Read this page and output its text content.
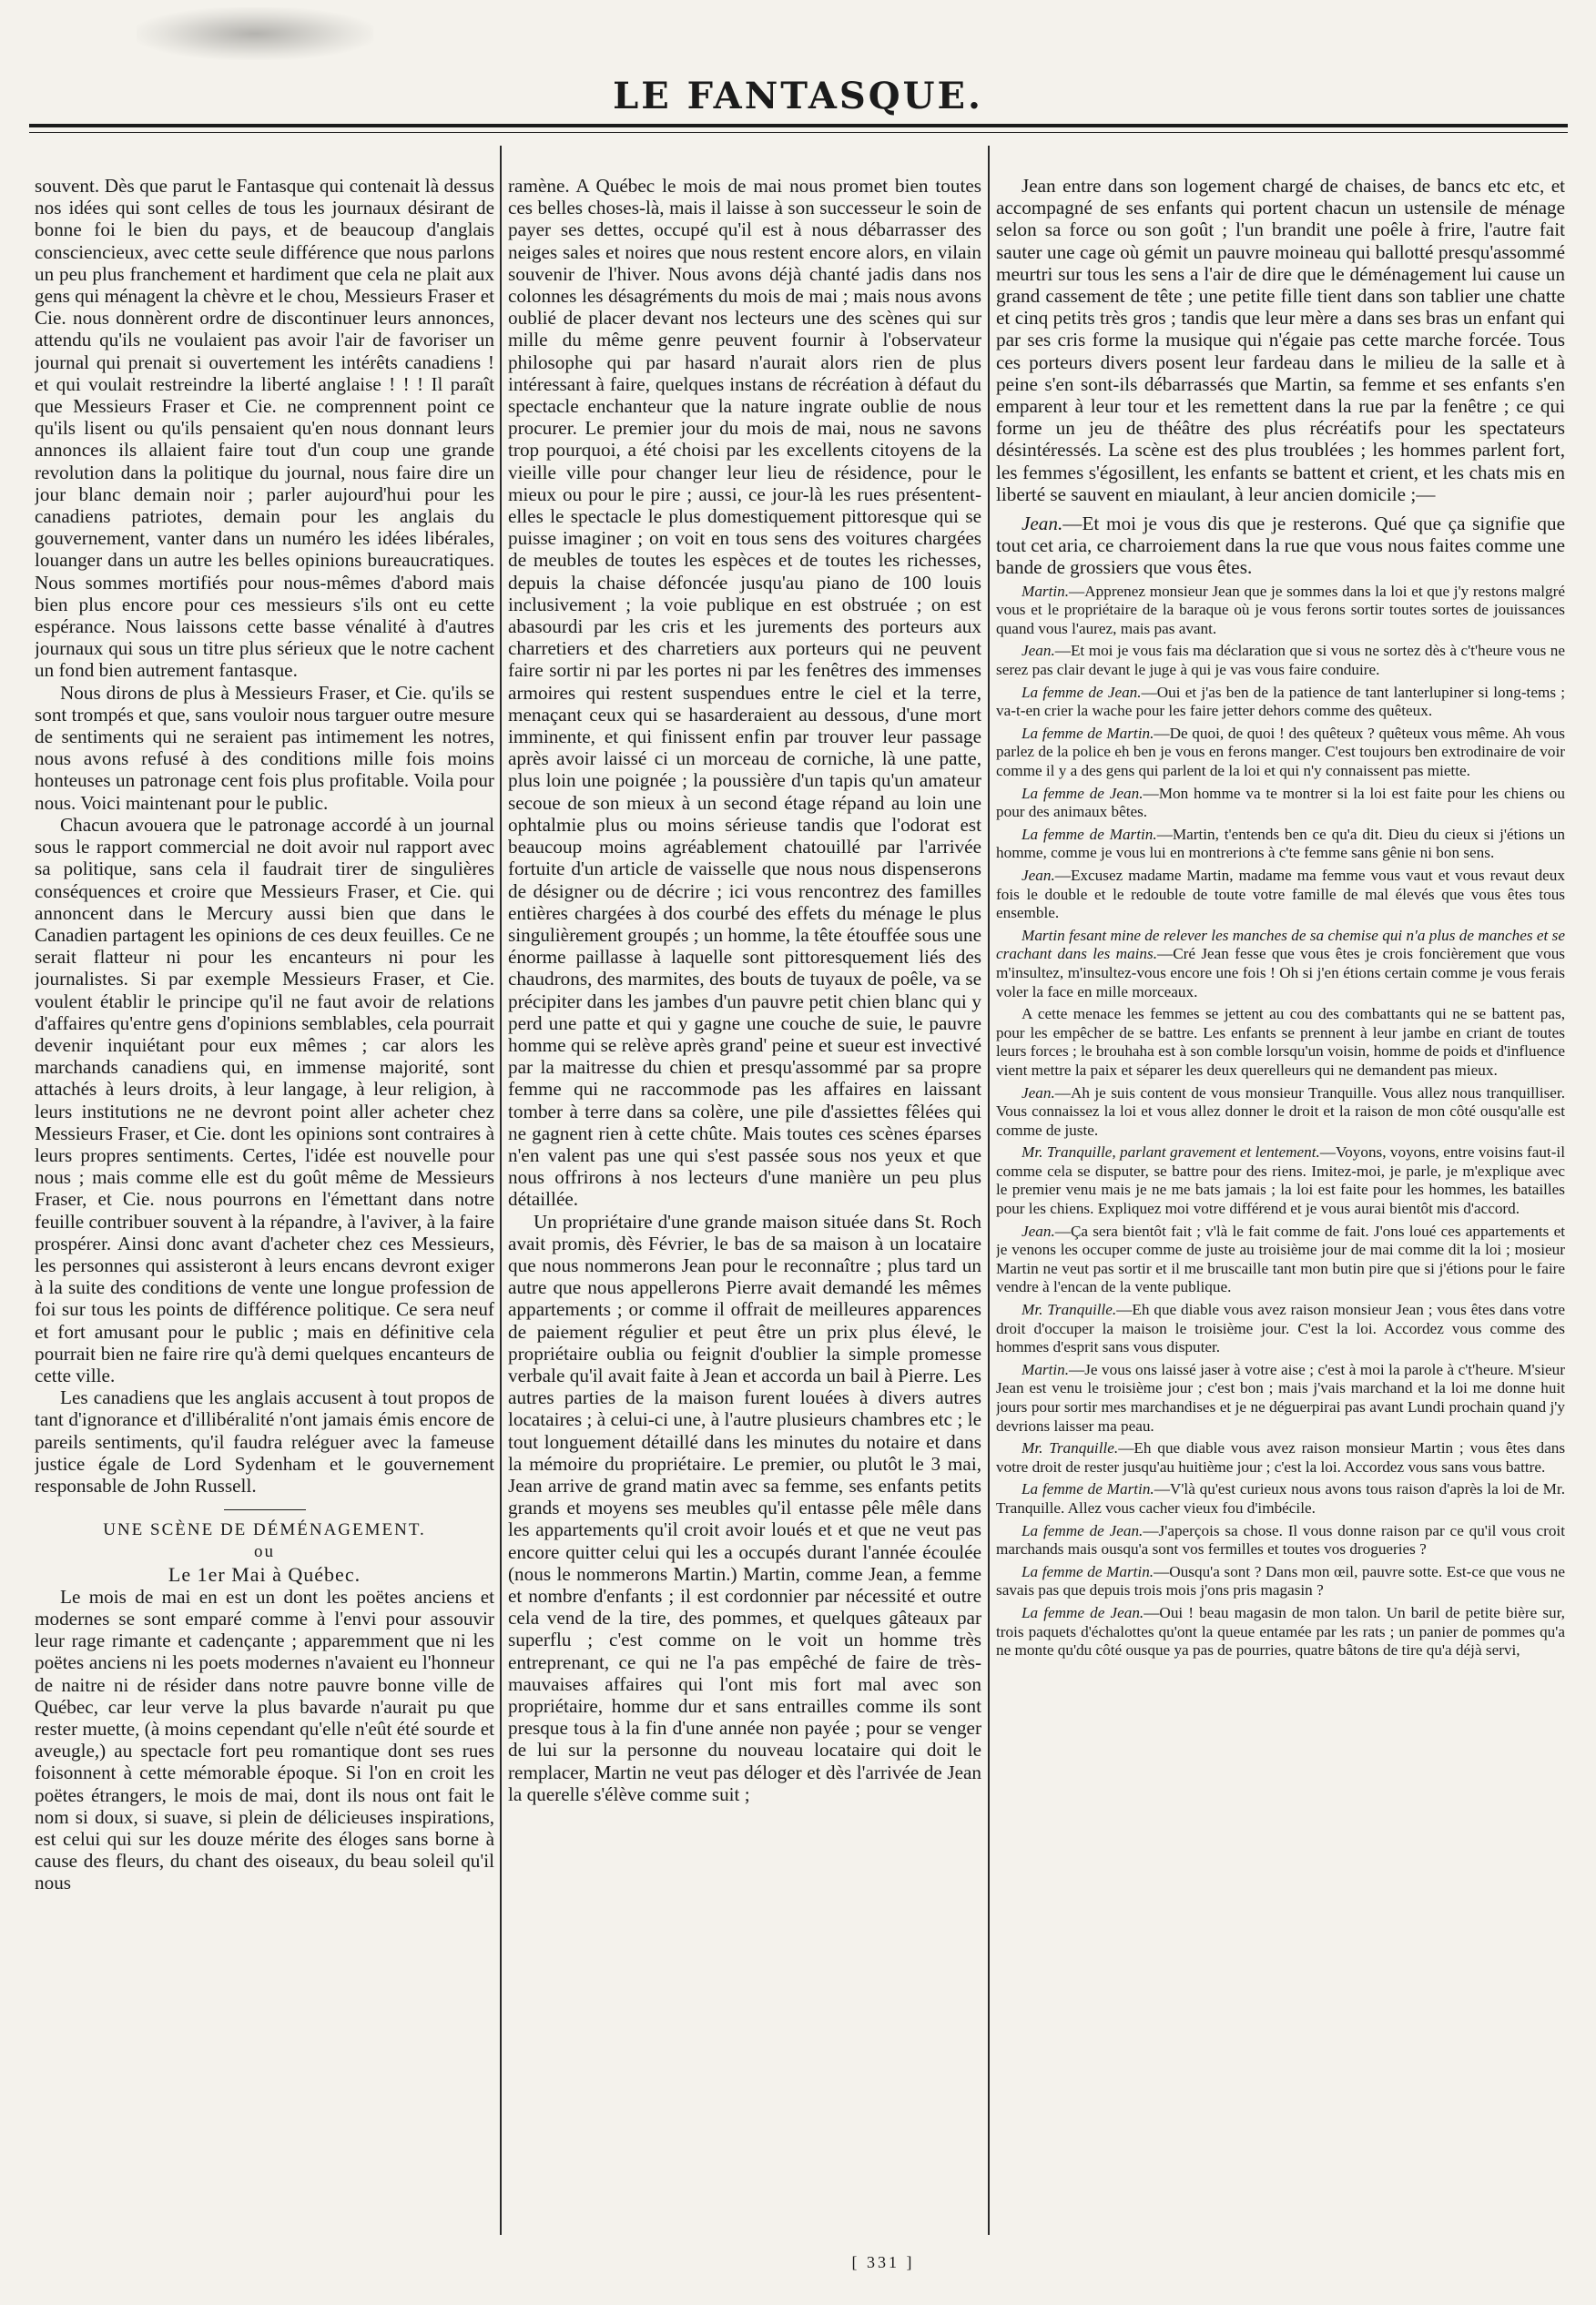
LE FANTASQUE.

souvent. Dès que parut le Fantasque qui contenait là dessus nos idées qui sont celles de tous les journaux désirant de bonne foi le bien du pays, et de beaucoup d'anglais consciencieux, avec cette seule différence que nous parlons un peu plus franchement et hardiment que cela ne plait aux gens qui ménagent la chèvre et le chou, Messieurs Fraser et Cie. nous donnèrent ordre de discontinuer leurs annonces, attendu qu'ils ne voulaient pas avoir l'air de favoriser un journal qui prenait si ouvertement les intérêts canadiens ! et qui voulait restreindre la liberté anglaise ! ! ! Il paraît que Messieurs Fraser et Cie. ne comprennent point ce qu'ils lisent ou qu'ils pensaient qu'en nous donnant leurs annonces ils allaient faire tout d'un coup une grande revolution dans la politique du journal, nous faire dire un jour blanc demain noir ; parler aujourd'hui pour les canadiens patriotes, demain pour les anglais du gouvernement, vanter dans un numéro les idées libérales, louanger dans un autre les belles opinions bureaucratiques. Nous sommes mortifiés pour nous-mêmes d'abord mais bien plus encore pour ces messieurs s'ils ont eu cette espérance. Nous laissons cette basse vénalité à d'autres journaux qui sous un titre plus sérieux que le notre cachent un fond bien autrement fantasque.

Nous dirons de plus à Messieurs Fraser, et Cie. qu'ils se sont trompés et que, sans vouloir nous targuer outre mesure de sentiments qui ne seraient pas intimement les notres, nous avons refusé à des conditions mille fois moins honteuses un patronage cent fois plus profitable. Voila pour nous. Voici maintenant pour le public.

Chacun avouera que le patronage accordé à un journal sous le rapport commercial ne doit avoir nul rapport avec sa politique, sans cela il faudrait tirer de singulières conséquences et croire que Messieurs Fraser, et Cie. qui annoncent dans le Mercury aussi bien que dans le Canadien partagent les opinions de ces deux feuilles. Ce ne serait flatteur ni pour les encanteurs ni pour les journalistes. Si par exemple Messieurs Fraser, et Cie. voulent établir le principe qu'il ne faut avoir de relations d'affaires qu'entre gens d'opinions semblables, cela pourrait devenir inquiétant pour eux mêmes ; car alors les marchands canadiens qui, en immense majorité, sont attachés à leurs droits, à leur langage, à leur religion, à leurs institutions ne ne devront point aller acheter chez Messieurs Fraser, et Cie. dont les opinions sont contraires à leurs propres sentiments. Certes, l'idée est nouvelle pour nous ; mais comme elle est du goût même de Messieurs Fraser, et Cie. nous pourrons en l'émettant dans notre feuille contribuer souvent à la répandre, à l'aviver, à la faire prospérer. Ainsi donc avant d'acheter chez ces Messieurs, les personnes qui assisteront à leurs encans devront exiger à la suite des conditions de vente une longue profession de foi sur tous les points de différence politique. Ce sera neuf et fort amusant pour le public ; mais en définitive cela pourrait bien ne faire rire qu'à demi quelques encanteurs de cette ville.

Les canadiens que les anglais accusent à tout propos de tant d'ignorance et d'illibéralité n'ont jamais émis encore de pareils sentiments, qu'il faudra reléguer avec la fameuse justice égale de Lord Sydenham et le gouvernement responsable de John Russell.

UNE SCÈNE DE DÉMÉNAGEMENT.

ou

Le 1er Mai à Québec.

Le mois de mai en est un dont les poëtes anciens et modernes se sont emparé comme à l'envi pour assouvir leur rage rimante et cadençante ; apparemment que ni les poëtes anciens ni les poets modernes n'avaient eu l'honneur de naitre ni de résider dans notre pauvre bonne ville de Québec, car leur verve la plus bavarde n'aurait pu que rester muette, (à moins cependant qu'elle n'eût été sourde et aveugle,) au spectacle fort peu romantique dont ses rues foisonnent à cette mémorable époque. Si l'on en croit les poëtes étrangers, le mois de mai, dont ils nous ont fait le nom si doux, si suave, si plein de délicieuses inspirations, est celui qui sur les douze mérite des éloges sans borne à cause des fleurs, du chant des oiseaux, du beau soleil qu'il nous

ramène. A Québec le mois de mai nous promet bien toutes ces belles choses-là, mais il laisse à son successeur le soin de payer ses dettes, occupé qu'il est à nous débarrasser des neiges sales et noires que nous restent encore alors, en vilain souvenir de l'hiver. Nous avons déjà chanté jadis dans nos colonnes les désagréments du mois de mai ; mais nous avons oublié de placer devant nos lecteurs une des scènes qui sur mille du même genre peuvent fournir à l'observateur philosophe qui par hasard n'aurait alors rien de plus intéressant à faire, quelques instans de récréation à défaut du spectacle enchanteur que la nature ingrate oublie de nous procurer. Le premier jour du mois de mai, nous ne savons trop pourquoi, a été choisi par les excellents citoyens de la vieille ville pour changer leur lieu de résidence, pour le mieux ou pour le pire ; aussi, ce jour-là les rues présentent-elles le spectacle le plus domestiquement pittoresque qui se puisse imaginer ; on voit en tous sens des voitures chargées de meubles de toutes les espèces et de toutes les richesses, depuis la chaise défoncée jusqu'au piano de 100 louis inclusivement ; la voie publique en est obstruée ; on est abasourdi par les cris et les jurements des porteurs aux charretiers et des charretiers aux porteurs qui ne peuvent faire sortir ni par les portes ni par les fenêtres des immenses armoires qui restent suspendues entre le ciel et la terre, menaçant ceux qui se hasarderaient au dessous, d'une mort imminente, et qui finissent enfin par trouver leur passage après avoir laissé ci un morceau de corniche, là une patte, plus loin une poignée ; la poussière d'un tapis qu'un amateur secoue de son mieux à un second étage répand au loin une ophtalmie plus ou moins sérieuse tandis que l'odorat est beaucoup moins agréablement chatouillé par l'arrivée fortuite d'un article de vaisselle que nous nous dispenserons de désigner ou de décrire ; ici vous rencontrez des familles entières chargées à dos courbé des effets du ménage le plus singulièrement groupés ; un homme, la tête étouffée sous une énorme paillasse à laquelle sont pittoresquement liés des chaudrons, des marmites, des bouts de tuyaux de poêle, va se précipiter dans les jambes d'un pauvre petit chien blanc qui y perd une patte et qui y gagne une couche de suie, le pauvre homme qui se relève après grand' peine et sueur est invectivé par la maitresse du chien et presqu'assommé par sa propre femme qui ne raccommode pas les affaires en laissant tomber à terre dans sa colère, une pile d'assiettes fêlées qui ne gagnent rien à cette chûte. Mais toutes ces scènes éparses n'en valent pas une qui s'est passée sous nos yeux et que nous offrirons à nos lecteurs d'une manière un peu plus détaillée.

Un propriétaire d'une grande maison située dans St. Roch avait promis, dès Février, le bas de sa maison à un locataire que nous nommerons Jean pour le reconnaître ; plus tard un autre que nous appellerons Pierre avait demandé les mêmes appartements ; or comme il offrait de meilleures apparences de paiement régulier et peut être un prix plus élevé, le propriétaire oublia ou feignit d'oublier la simple promesse verbale qu'il avait faite à Jean et accorda un bail à Pierre. Les autres parties de la maison furent louées à divers autres locataires ; à celui-ci une, à l'autre plusieurs chambres etc ; le tout longuement détaillé dans les minutes du notaire et dans la mémoire du propriétaire. Le premier, ou plutôt le 3 mai, Jean arrive de grand matin avec sa femme, ses enfants petits grands et moyens ses meubles qu'il entasse pêle mêle dans les appartements qu'il croit avoir loués et et que ne veut pas encore quitter celui qui les a occupés durant l'année écoulée (nous le nommerons Martin.) Martin, comme Jean, a femme et nombre d'enfants ; il est cordonnier par nécessité et outre cela vend de la tire, des pommes, et quelques gâteaux par superflu ; c'est comme on le voit un homme très entreprenant, ce qui ne l'a pas empêché de faire de très-mauvaises affaires qui l'ont mis fort mal avec son propriétaire, homme dur et sans entrailles comme ils sont presque tous à la fin d'une année non payée ; pour se venger de lui sur la personne du nouveau locataire qui doit le remplacer, Martin ne veut pas déloger et dès l'arrivée de Jean la querelle s'élève comme suit ;

Jean entre dans son logement chargé de chaises, de bancs etc etc, et accompagné de ses enfants qui portent chacun un ustensile de ménage selon sa force ou son goût ; l'un brandit une poêle à frire, l'autre fait sauter une cage où gémit un pauvre moineau qui ballotté presqu'assommé meurtri sur tous les sens a l'air de dire que le déménagement lui cause un grand cassement de tête ; une petite fille tient dans son tablier une chatte et cinq petits très gros ; tandis que leur mère a dans ses bras un enfant qui par ses cris forme la musique qui n'égaie pas cette marche forcée. Tous ces porteurs divers posent leur fardeau dans le milieu de la salle et à peine s'en sont-ils débarrassés que Martin, sa femme et ses enfants s'en emparent à leur tour et les remettent dans la rue par la fenêtre ; ce qui forme un jeu de théâtre des plus récréatifs pour les spectateurs désintéressés. La scène est des plus troublées ; les hommes parlent fort, les femmes s'égosillent, les enfants se battent et crient, et les chats mis en liberté se sauvent en miaulant, à leur ancien domicile ;—

Jean.—Et moi je vous dis que je resterons. Qué que ça signifie que tout cet aria, ce charroiement dans la rue que vous nous faites comme une bande de grossiers que vous êtes.

Martin.—Apprenez monsieur Jean que je sommes dans la loi et que j'y restons malgré vous et le propriétaire de la baraque où je vous ferons sortir toutes sortes de jouissances quand vous l'aurez, mais pas avant.

Jean.—Et moi je vous fais ma déclaration que si vous ne sortez dès à c't'heure vous ne serez pas clair devant le juge à qui je vas vous faire conduire.

La femme de Jean.—Oui et j'as ben de la patience de tant lanterlupiner si long-tems ; va-t-en crier la wache pour les faire jetter dehors comme des quêteux.

La femme de Martin.—De quoi, de quoi ! des quêteux ? quêteux vous même. Ah vous parlez de la police eh ben je vous en ferons manger. C'est toujours ben extrodinaire de voir comme il y a des gens qui parlent de la loi et qui n'y connaissent pas miette.

La femme de Jean.—Mon homme va te montrer si la loi est faite pour les chiens ou pour des animaux bêtes.

La femme de Martin.—Martin, t'entends ben ce qu'a dit. Dieu du cieux si j'étions un homme, comme je vous lui en montrerions à c'te femme sans gênie ni bon sens.

Jean.—Excusez madame Martin, madame ma femme vous vaut et vous revaut deux fois le double et le redouble de toute votre famille de mal élevés que vous êtes tous ensemble.

Martin fesant mine de relever les manches de sa chemise qui n'a plus de manches et se crachant dans les mains.—Cré Jean fesse que vous êtes je crois foncièrement que vous m'insultez, m'insultez-vous encore une fois ! Oh si j'en étions certain comme je vous ferais voler la face en mille morceaux.

A cette menace les femmes se jettent au cou des combattants qui ne se battent pas, pour les empêcher de se battre. Les enfants se prennent à leur jambe en criant de toutes leurs forces ; le brouhaha est à son comble lorsqu'un voisin, homme de poids et d'influence vient mettre la paix et séparer les deux querelleurs qui ne demandent pas mieux.

Jean.—Ah je suis content de vous monsieur Tranquille. Vous allez nous tranquilliser. Vous connaissez la loi et vous allez donner le droit et la raison de mon côté ousqu'alle est comme de juste.

Mr. Tranquille, parlant gravement et lentement.—Voyons, voyons, entre voisins faut-il comme cela se disputer, se battre pour des riens. Imitez-moi, je parle, je m'explique avec le premier venu mais je ne me bats jamais ; la loi est faite pour les hommes, les batailles pour les chiens. Expliquez moi votre différend et je vous aurai bientôt mis d'accord.

Jean.—Ça sera bientôt fait ; v'là le fait comme de fait. J'ons loué ces appartements et je venons les occuper comme de juste au troisième jour de mai comme dit la loi ; mosieur Martin ne veut pas sortir et il me bruscaille tant mon butin pire que si j'étions pour le faire vendre à l'encan de la vente publique.

Mr. Tranquille.—Eh que diable vous avez raison monsieur Jean ; vous êtes dans votre droit d'occuper la maison le troisième jour. C'est la loi. Accordez vous comme des hommes d'esprit sans vous disputer.

Martin.—Je vous ons laissé jaser à votre aise ; c'est à moi la parole à c't'heure. M'sieur Jean est venu le troisième jour ; c'est bon ; mais j'vais marchand et la loi me donne huit jours pour sortir mes marchandises et je ne déguerpirai pas avant Lundi prochain quand j'y devrions laisser ma peau.

Mr. Tranquille.—Eh que diable vous avez raison monsieur Martin ; vous êtes dans votre droit de rester jusqu'au huitième jour ; c'est la loi. Accordez vous sans vous battre.

La femme de Martin.—V'là qu'est curieux nous avons tous raison d'après la loi de Mr. Tranquille. Allez vous cacher vieux fou d'imbécile.

La femme de Jean.—J'aperçois sa chose. Il vous donne raison par ce qu'il vous croit marchands mais ousqu'a sont vos fermilles et toutes vos drogueries ?

La femme de Martin.—Ousqu'a sont ? Dans mon œil, pauvre sotte. Est-ce que vous ne savais pas que depuis trois mois j'ons pris magasin ?

La femme de Jean.—Oui ! beau magasin de mon talon. Un baril de petite bière sur, trois paquets d'échalottes qu'ont la queue entamée par les rats ; un panier de pommes qu'a ne monte qu'du côté ousque ya pas de pourries, quatre bâtons de tire qu'a déjà servi,

[ 331 ]
